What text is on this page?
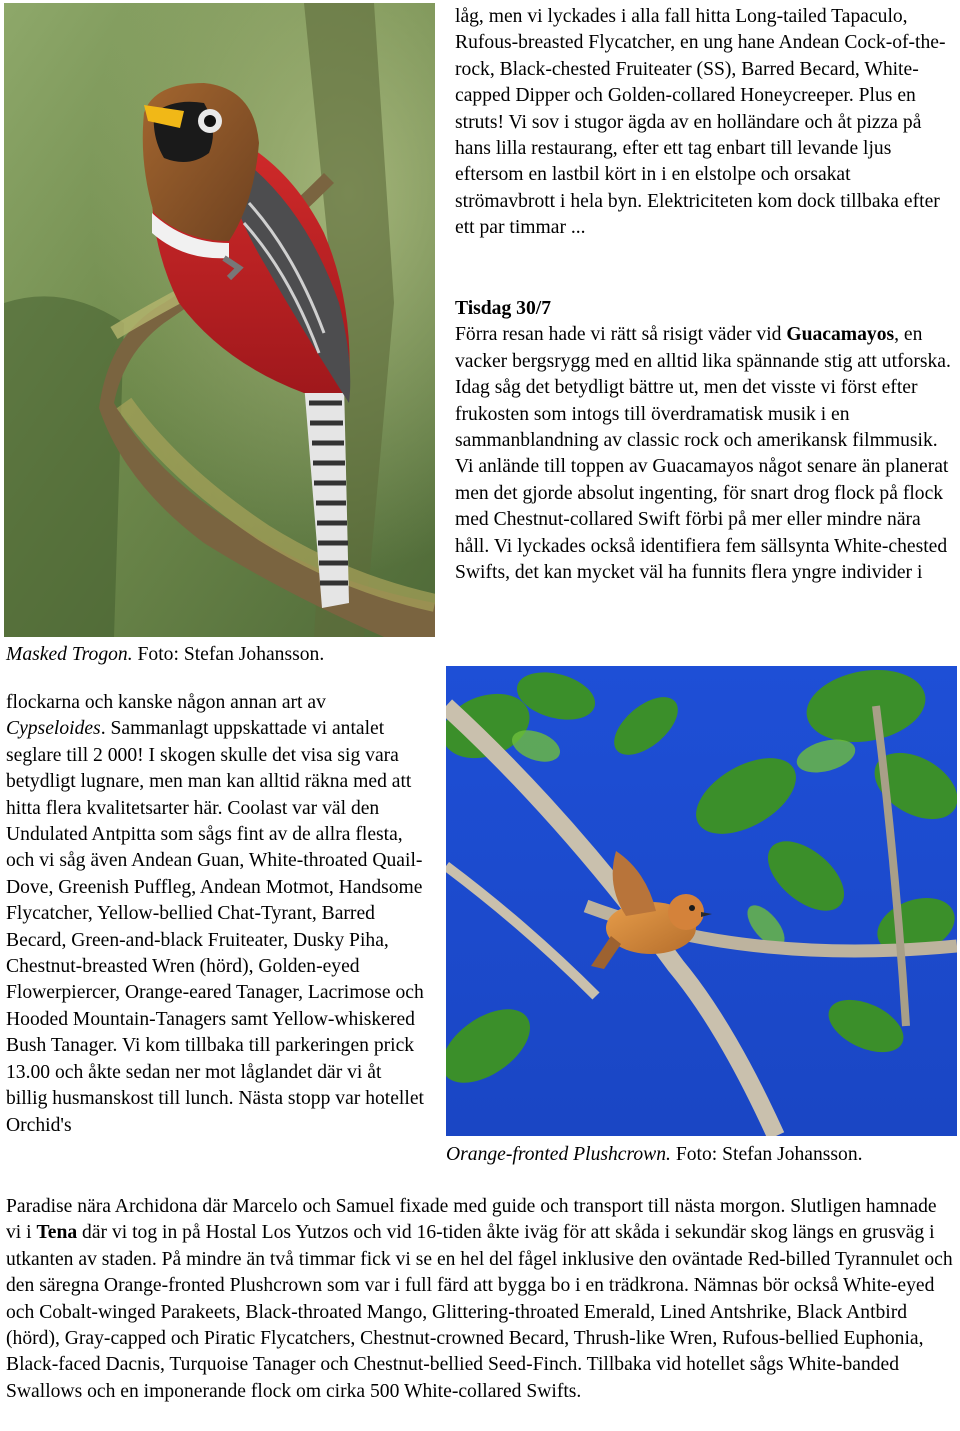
Masked Trogon. Foto: Stefan Johansson.

låg, men vi lyckades i alla fall hitta Long-tailed Tapaculo, Rufous-breasted Flycatcher, en ung hane Andean Cock-of-the-rock, Black-chested Fruiteater (SS), Barred Becard, White-capped Dipper och Golden-collared Honeycreeper. Plus en struts! Vi sov i stugor ägda av en holländare och åt pizza på hans lilla restaurang, efter ett tag enbart till levande ljus eftersom en lastbil kört in i en elstolpe och orsakat strömavbrott i hela byn. Elektriciteten kom dock tillbaka efter ett par timmar ...

Tisdag 30/7

Förra resan hade vi rätt så risigt väder vid Guacamayos, en vacker bergsrygg med en alltid lika spännande stig att utforska. Idag såg det betydligt bättre ut, men det visste vi först efter frukosten som intogs till överdramatisk musik i en sammanblandning av classic rock och amerikansk filmmusik. Vi anlände till toppen av Guacamayos något senare än planerat men det gjorde absolut ingenting, för snart drog flock på flock med Chestnut-collared Swift förbi på mer eller mindre nära håll. Vi lyckades också identifiera fem sällsynta White-chested Swifts, det kan mycket väl ha funnits flera yngre individer i

Orange-fronted Plushcrown. Foto: Stefan Johansson.

flockarna och kanske någon annan art av Cypseloides. Sammanlagt uppskattade vi antalet seglare till 2 000! I skogen skulle det visa sig vara betydligt lugnare, men man kan alltid räkna med att hitta flera kvalitetsarter här. Coolast var väl den Undulated Antpitta som sågs fint av de allra flesta, och vi såg även Andean Guan, White-throated Quail-Dove, Greenish Puffleg, Andean Motmot, Handsome Flycatcher, Yellow-bellied Chat-Tyrant, Barred Becard, Green-and-black Fruiteater, Dusky Piha, Chestnut-breasted Wren (hörd), Golden-eyed Flowerpiercer, Orange-eared Tanager, Lacrimose och Hooded Mountain-Tanagers samt Yellow-whiskered Bush Tanager. Vi kom tillbaka till parkeringen prick 13.00 och åkte sedan ner mot låglandet där vi åt billig husmanskost till lunch. Nästa stopp var hotellet Orchid's

Paradise nära Archidona där Marcelo och Samuel fixade med guide och transport till nästa morgon. Slutligen hamnade vi i Tena där vi tog in på Hostal Los Yutzos och vid 16-tiden åkte iväg för att skåda i sekundär skog längs en grusväg i utkanten av staden. På mindre än två timmar fick vi se en hel del fågel inklusive den oväntade Red-billed Tyrannulet och den säregna Orange-fronted Plushcrown som var i full färd att bygga bo i en trädkrona. Nämnas bör också White-eyed och Cobalt-winged Parakeets, Black-throated Mango, Glittering-throated Emerald, Lined Antshrike, Black Antbird (hörd), Gray-capped och Piratic Flycatchers, Chestnut-crowned Becard, Thrush-like Wren, Rufous-bellied Euphonia, Black-faced Dacnis, Turquoise Tanager och Chestnut-bellied Seed-Finch. Tillbaka vid hotellet sågs White-banded Swallows och en imponerande flock om cirka 500 White-collared Swifts.
